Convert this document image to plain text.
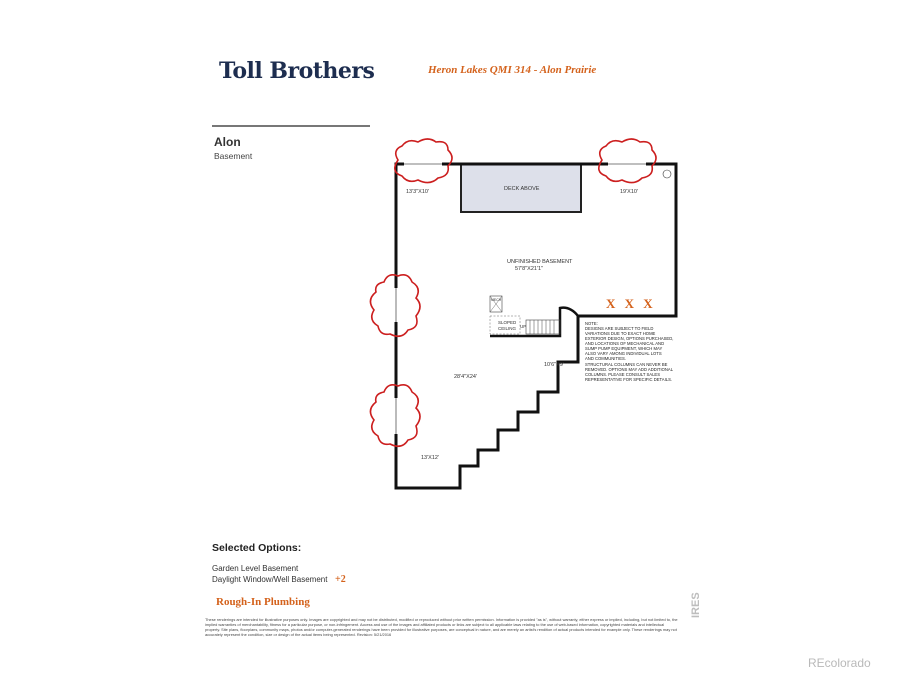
Toll Brothers	Heron Lakes QMI 314 - Alon Prairie
Alon
Basement
13'3"X10'	19'X10'
DECK ABOVE
UNFINISHED BASEMENT
57'8"X21'1"
MECH
SLOPED
CEILING UP
10'6"X9'
28'4"X24'
13'X12'
X X X
NOTE:
DESIGNS ARE SUBJECT TO FIELD
VARIATIONS DUE TO EXACT HOME
EXTERIOR DESIGN, OPTIONS PURCHASED,
AND LOCATIONS OF MECHANICAL AND
SUMP PUMP EQUIPMENT, WHICH MAY
ALSO VARY AMONG INDIVIDUAL LOTS
AND COMMUNITIES.
STRUCTURAL COLUMNS CAN NEVER BE
REMOVED. OPTIONS MAY ADD ADDITIONAL
COLUMNS. PLEASE CONSULT SALES
REPRESENTATIVE FOR SPECIFIC DETAILS.
Selected Options:
Garden Level Basement
Daylight Window/Well Basement +2
Rough-In Plumbing
These renderings are intended for illustrative purposes only. Images are copyrighted and may not be distributed, modified or reproduced without prior written permission. Information is provided "as is", without warranty, either express or implied, including, but not limited to, the implied warranties of merchantability, fitness for a particular purpose, or non-infringement. Access and use of the images and affiliated products or links are subject to all applicable laws relating to the use of web-based information, copyrighted materials and intellectual property. Site plans, floorplans, community maps, photos and/or computer-generated renderings have been provided for illustrative purposes, are conceptual in nature, and are merely an artist's rendition of actual products intended for example only. These renderings may not accurately represent the condition, size or design of the actual items being represented. Revision: 5/21/2016
IRES
REcolorado
